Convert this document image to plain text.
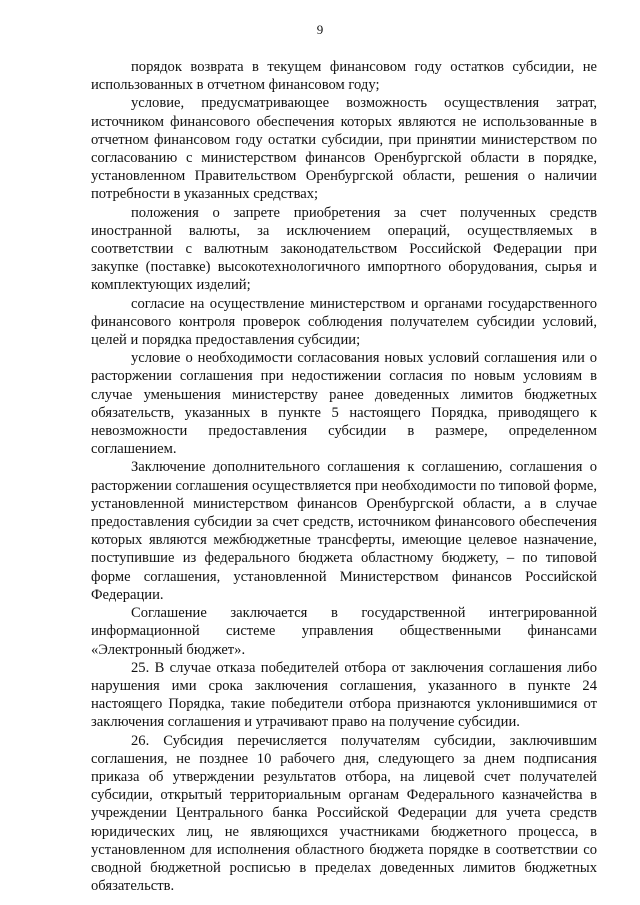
9

порядок возврата в текущем финансовом году остатков субсидии, не использованных в отчетном финансовом году;

условие, предусматривающее возможность осуществления затрат, источником финансового обеспечения которых являются не использованные в отчетном финансовом году остатки субсидии, при принятии министерством по согласованию с министерством финансов Оренбургской области в порядке, установленном Правительством Оренбургской области, решения о наличии потребности в указанных средствах;

положения о запрете приобретения за счет полученных средств иностранной валюты, за исключением операций, осуществляемых в соответствии с валютным законодательством Российской Федерации при закупке (поставке) высокотехнологичного импортного оборудования, сырья и комплектующих изделий;

согласие на осуществление министерством и органами государственного финансового контроля проверок соблюдения получателем субсидии условий, целей и порядка предоставления субсидии;

условие о необходимости согласования новых условий соглашения или о расторжении соглашения при недостижении согласия по новым условиям в случае уменьшения министерству ранее доведенных лимитов бюджетных обязательств, указанных в пункте 5 настоящего Порядка, приводящего к невозможности предоставления субсидии в размере, определенном соглашением.

Заключение дополнительного соглашения к соглашению, соглашения о расторжении соглашения осуществляется при необходимости по типовой форме, установленной министерством финансов Оренбургской области, а в случае предоставления субсидии за счет средств, источником финансового обеспечения которых являются межбюджетные трансферты, имеющие целевое назначение, поступившие из федерального бюджета областному бюджету, – по типовой форме соглашения, установленной Министерством финансов Российской Федерации.

Соглашение заключается в государственной интегрированной информационной системе управления общественными финансами «Электронный бюджет».

25. В случае отказа победителей отбора от заключения соглашения либо нарушения ими срока заключения соглашения, указанного в пункте 24 настоящего Порядка, такие победители отбора признаются уклонившимися от заключения соглашения и утрачивают право на получение субсидии.

26. Субсидия перечисляется получателям субсидии, заключившим соглашения, не позднее 10 рабочего дня, следующего за днем подписания приказа об утверждении результатов отбора, на лицевой счет получателей субсидии, открытый территориальным органам Федерального казначейства в учреждении Центрального банка Российской Федерации для учета средств юридических лиц, не являющихся участниками бюджетного процесса, в установленном для исполнения областного бюджета порядке в соответствии со сводной бюджетной росписью в пределах доведенных лимитов бюджетных обязательств.
